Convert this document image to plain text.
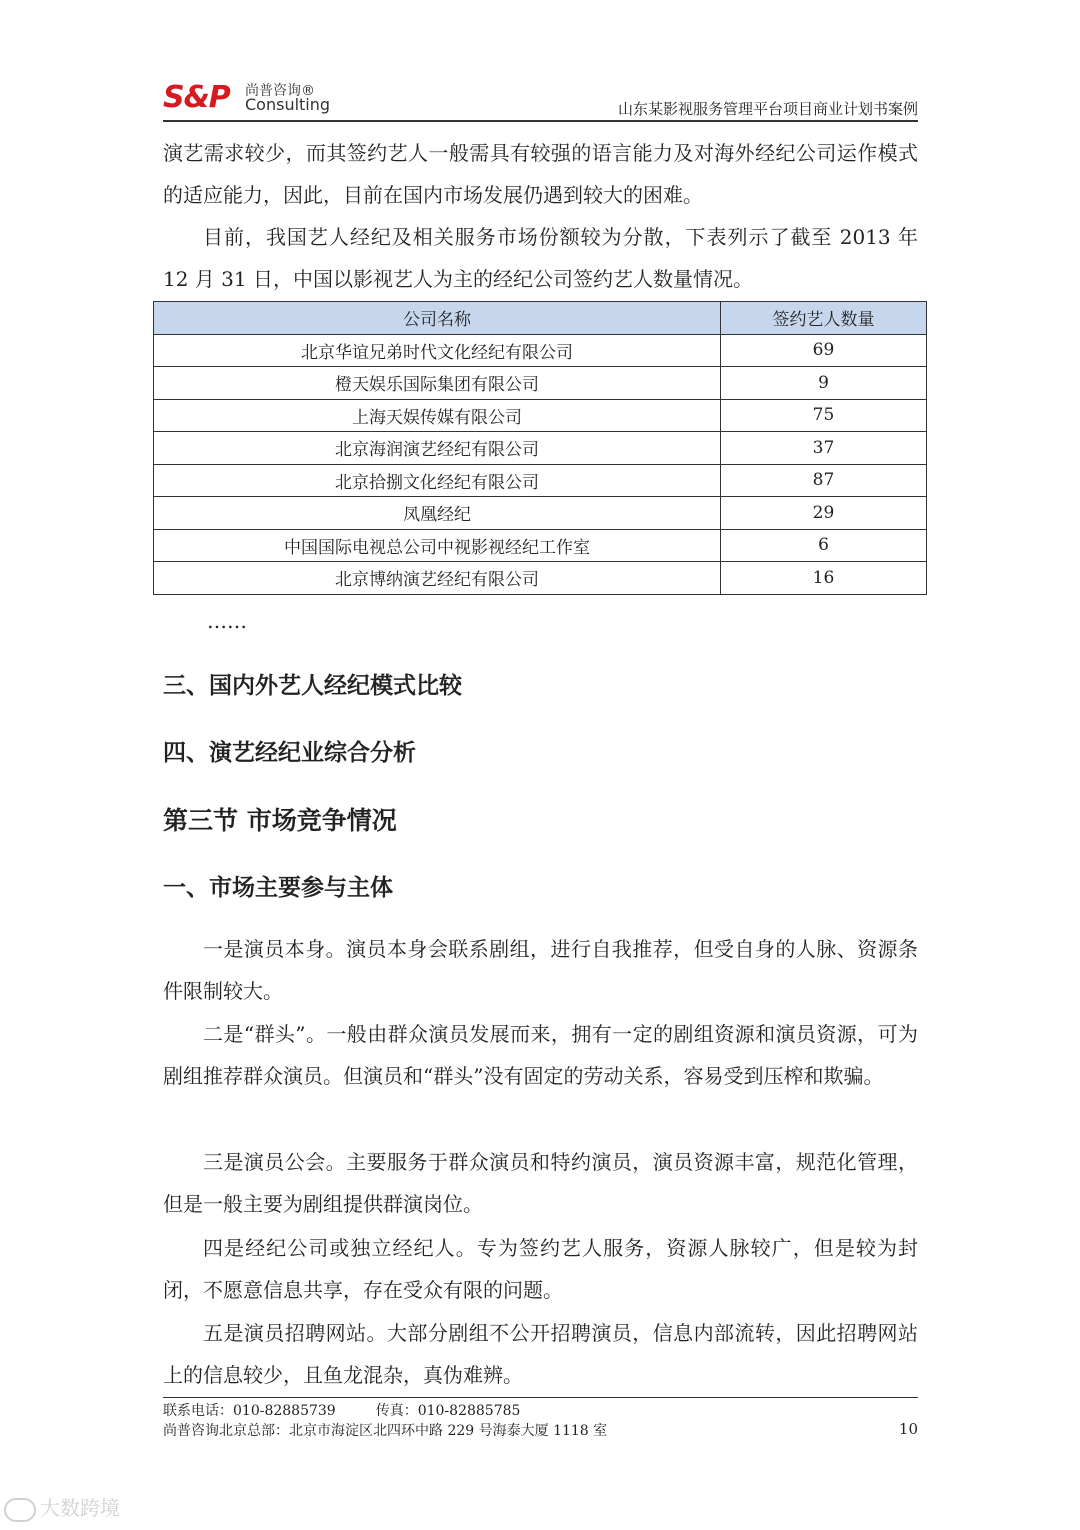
S&P 尚普咨询®
Consulting	山东某影视服务管理平台项目商业计划书案例
演艺需求较少，而其签约艺人一般需具有较强的语言能力及对海外经纪公司运作模式的适应能力，因此，目前在国内市场发展仍遇到较大的困难。
目前，我国艺人经纪及相关服务市场份额较为分散，下表列示了截至 2013 年 12 月 31 日，中国以影视艺人为主的经纪公司签约艺人数量情况。
公司名称	签约艺人数量
北京华谊兄弟时代文化经纪有限公司	69
橙天娱乐国际集团有限公司	9
上海天娱传媒有限公司	75
北京海润演艺经纪有限公司	37
北京拾捌文化经纪有限公司	87
凤凰经纪	29
中国国际电视总公司中视影视经纪工作室	6
北京博纳演艺经纪有限公司	16
……
三、国内外艺人经纪模式比较
四、演艺经纪业综合分析
第三节 市场竞争情况
一、市场主要参与主体
一是演员本身。演员本身会联系剧组，进行自我推荐，但受自身的人脉、资源条件限制较大。
二是“群头”。一般由群众演员发展而来，拥有一定的剧组资源和演员资源，可为剧组推荐群众演员。但演员和“群头”没有固定的劳动关系，容易受到压榨和欺骗。
三是演员公会。主要服务于群众演员和特约演员，演员资源丰富，规范化管理，但是一般主要为剧组提供群演岗位。
四是经纪公司或独立经纪人。专为签约艺人服务，资源人脉较广，但是较为封闭，不愿意信息共享，存在受众有限的问题。
五是演员招聘网站。大部分剧组不公开招聘演员，信息内部流转，因此招聘网站上的信息较少，且鱼龙混杂，真伪难辨。
联系电话：010-82885739	传真：010-82885785
尚普咨询北京总部：北京市海淀区北四环中路 229 号海泰大厦 1118 室	10
大数跨境
